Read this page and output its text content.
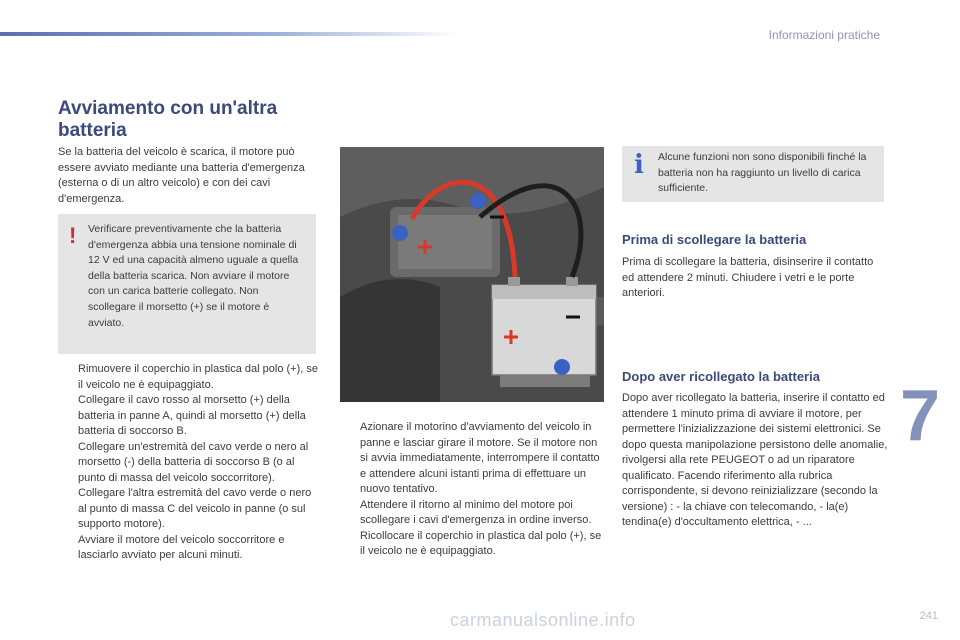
Informazioni pratiche
Avviamento con un'altra batteria

Se la batteria del veicolo è scarica, il motore può essere avviato mediante una batteria d'emergenza (esterna o di un altro veicolo) e con dei cavi d'emergenza.

! Verificare preventivamente che la batteria d'emergenza abbia una tensione nominale di 12 V ed una capacità almeno uguale a quella della batteria scarica. Non avviare il motore con un carica batterie collegato. Non scollegare il morsetto (+) se il motore è avviato.
Rimuovere il coperchio in plastica dal polo (+), se il veicolo ne è equipaggiato.
Collegare il cavo rosso al morsetto (+) della batteria in panne A, quindi al morsetto (+) della batteria di soccorso B.
Collegare un'estremità del cavo verde o nero al morsetto (-) della batteria di soccorso B (o al punto di massa del veicolo soccorritore).
Collegare l'altra estremità del cavo verde o nero al punto di massa C del veicolo in panne (o sul supporto motore).
Avviare il motore del veicolo soccorritore e lasciarlo avviato per alcuni minuti.
Azionare il motorino d'avviamento del veicolo in panne e lasciar girare il motore. Se il motore non si avvia immediatamente, interrompere il contatto e attendere alcuni istanti prima di effettuare un nuovo tentativo.
Attendere il ritorno al minimo del motore poi scollegare i cavi d'emergenza in ordine inverso.
Ricollocare il coperchio in plastica dal polo (+), se il veicolo ne è equipaggiato.
i Alcune funzioni non sono disponibili finché la batteria non ha raggiunto un livello di carica sufficiente.
Prima di scollegare la batteria

Prima di scollegare la batteria, disinserire il contatto ed attendere 2 minuti. Chiudere i vetri e le porte anteriori.

Dopo aver ricollegato la batteria

Dopo aver ricollegato la batteria, inserire il contatto ed attendere 1 minuto prima di avviare il motore, per permettere l'inizializzazione dei sistemi elettronici. Se dopo questa manipolazione persistono delle anomalie, rivolgersi alla rete PEUGEOT o ad un riparatore qualificato. Facendo riferimento alla rubrica corrispondente, si devono reinizializzare (secondo la versione) : - la chiave con telecomando, - la(e) tendina(e) d'occultamento elettrica, - ...

7
241
carmanualsonline.info
